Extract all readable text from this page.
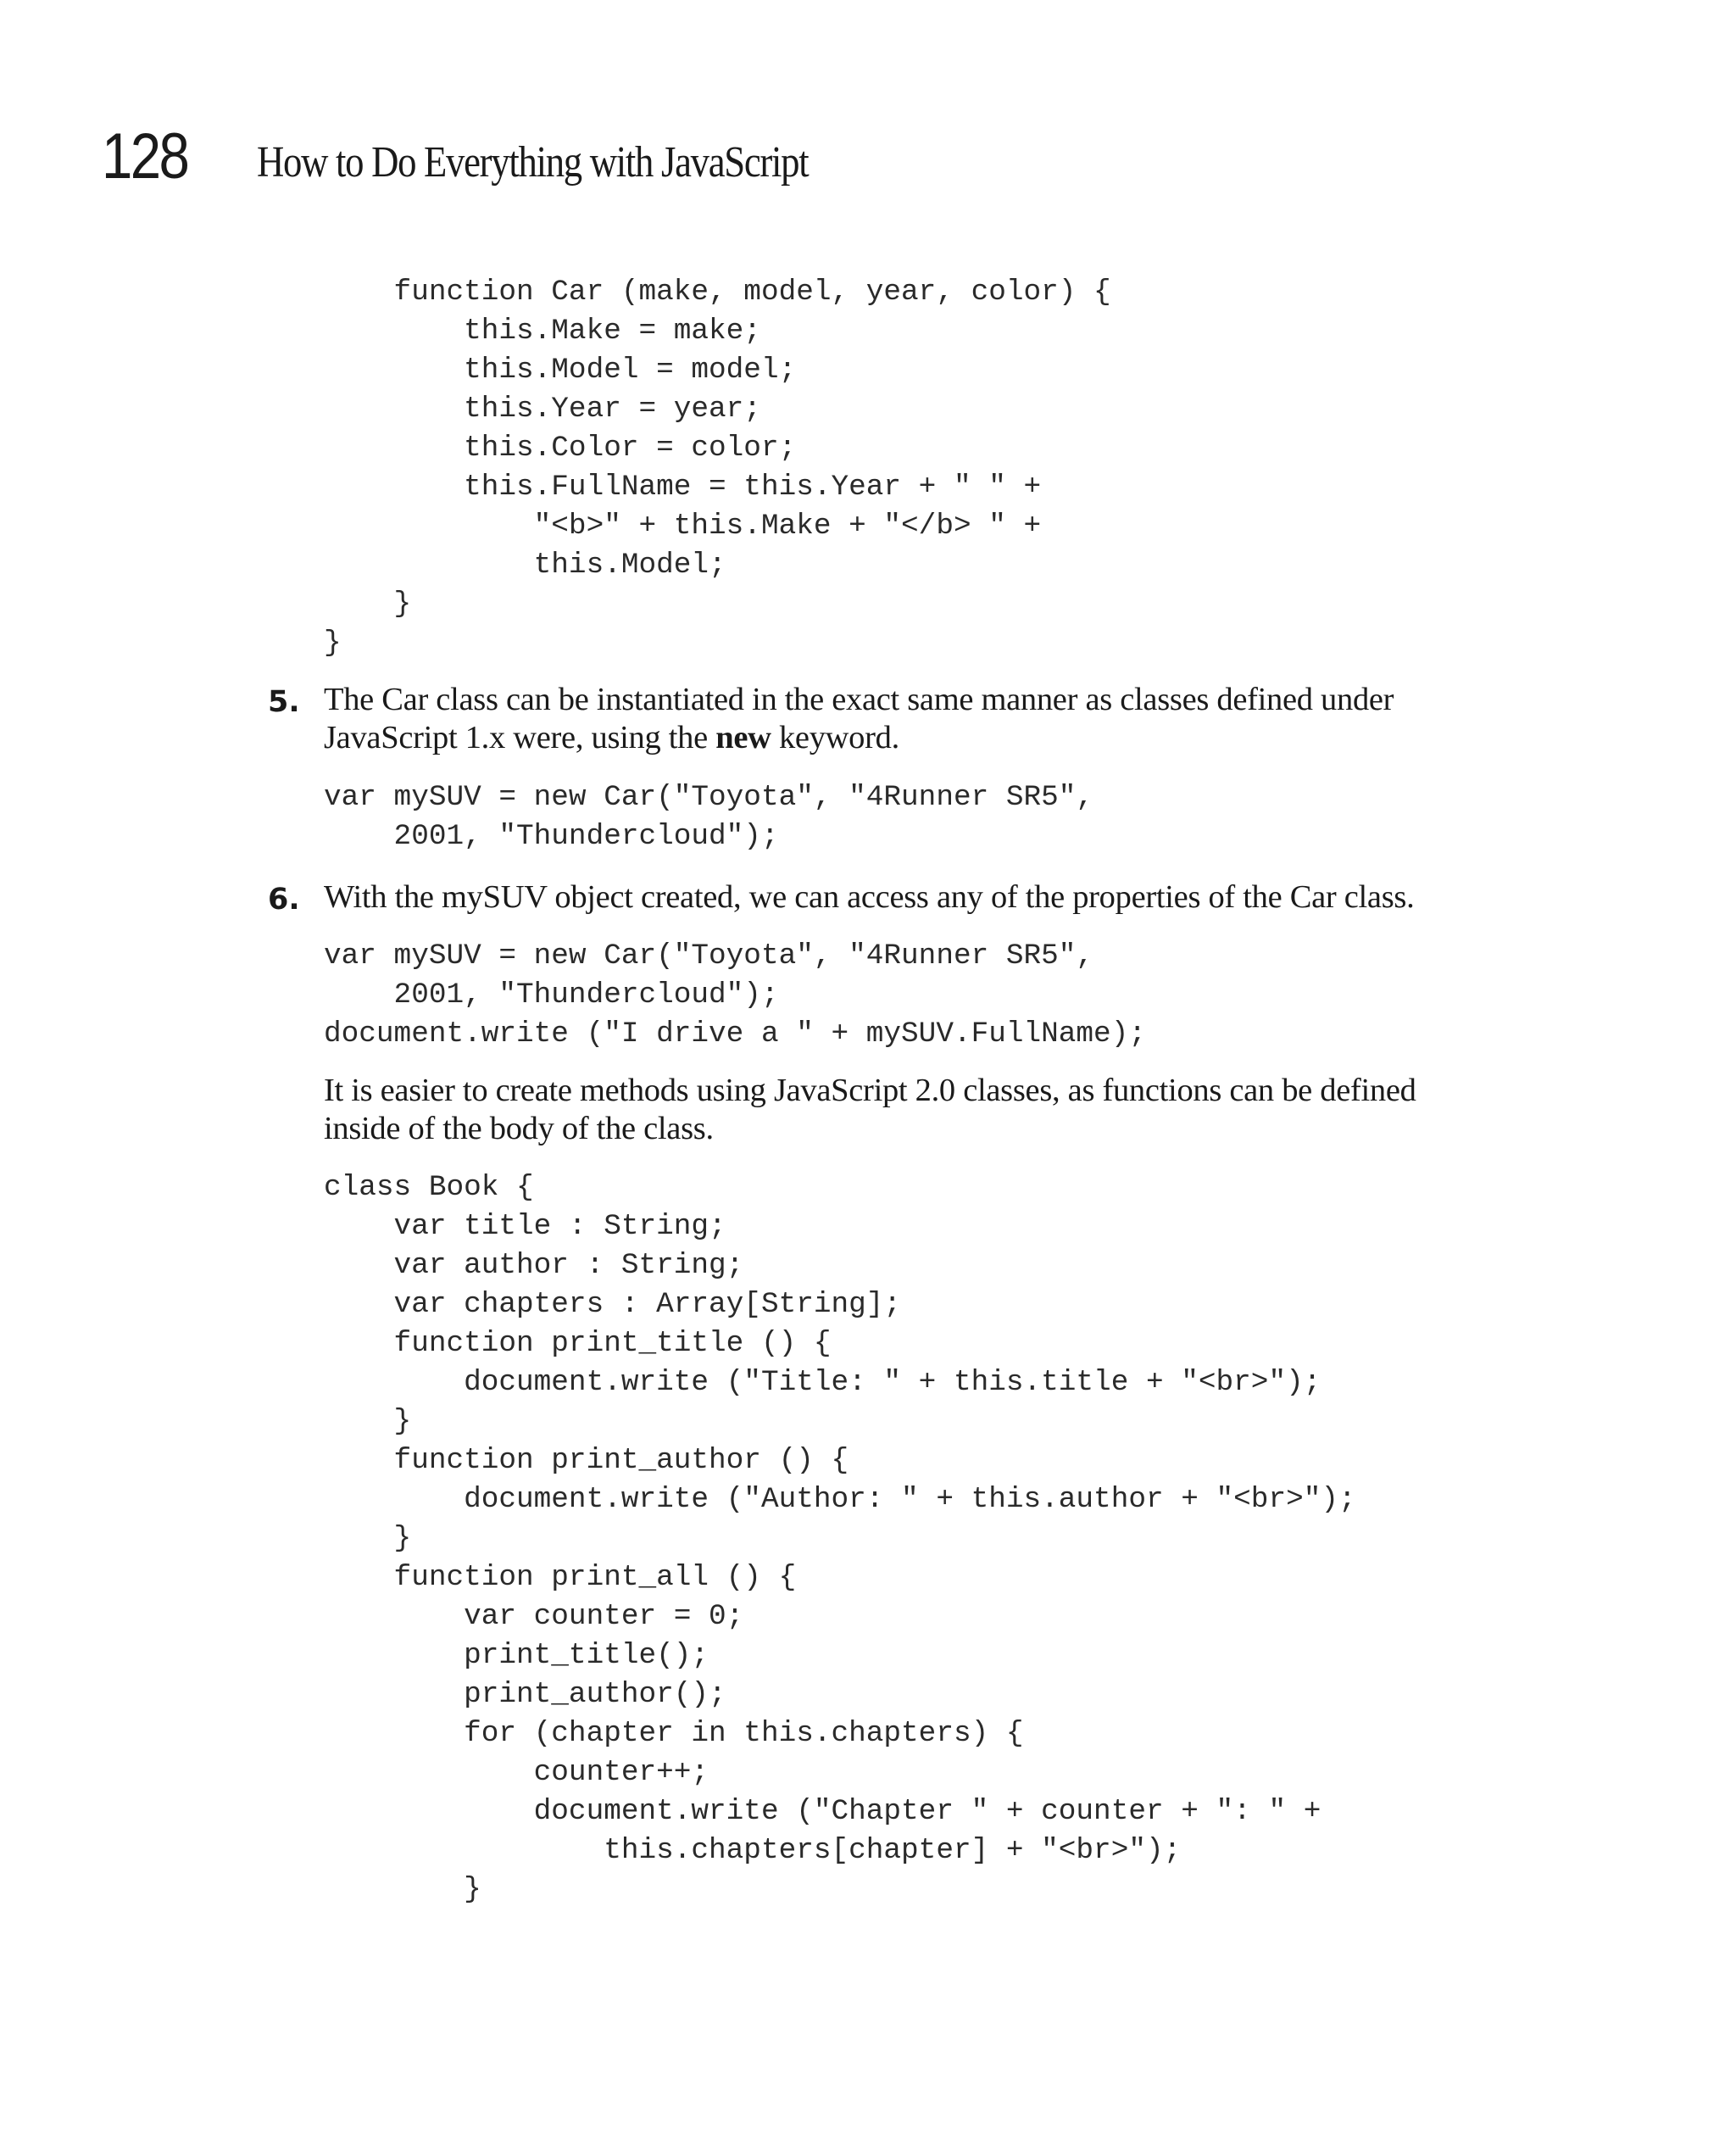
128 How to Do Everything with JavaScript
function Car (make, model, year, color) {
this.Make = make;
this.Model = model;
this.Year = year;
this.Color = color;
this.FullName = this.Year + " " +
"<b>" + this.Make + "</b> " +
this.Model;
}
}
5. The Car class can be instantiated in the exact same manner as classes defined under JavaScript 1.x were, using the new keyword.
var mySUV = new Car("Toyota", "4Runner SR5",
2001, "Thundercloud");
6. With the mySUV object created, we can access any of the properties of the Car class.
var mySUV = new Car("Toyota", "4Runner SR5",
2001, "Thundercloud");
document.write ("I drive a " + mySUV.FullName);
It is easier to create methods using JavaScript 2.0 classes, as functions can be defined inside of the body of the class.
class Book {
var title : String;
var author : String;
var chapters : Array[String];
function print_title () {
document.write ("Title: " + this.title + "<br>");
}
function print_author () {
document.write ("Author: " + this.author + "<br>");
}
function print_all () {
var counter = 0;
print_title();
print_author();
for (chapter in this.chapters) {
counter++;
document.write ("Chapter " + counter + ": " +
this.chapters[chapter] + "<br>");
}
